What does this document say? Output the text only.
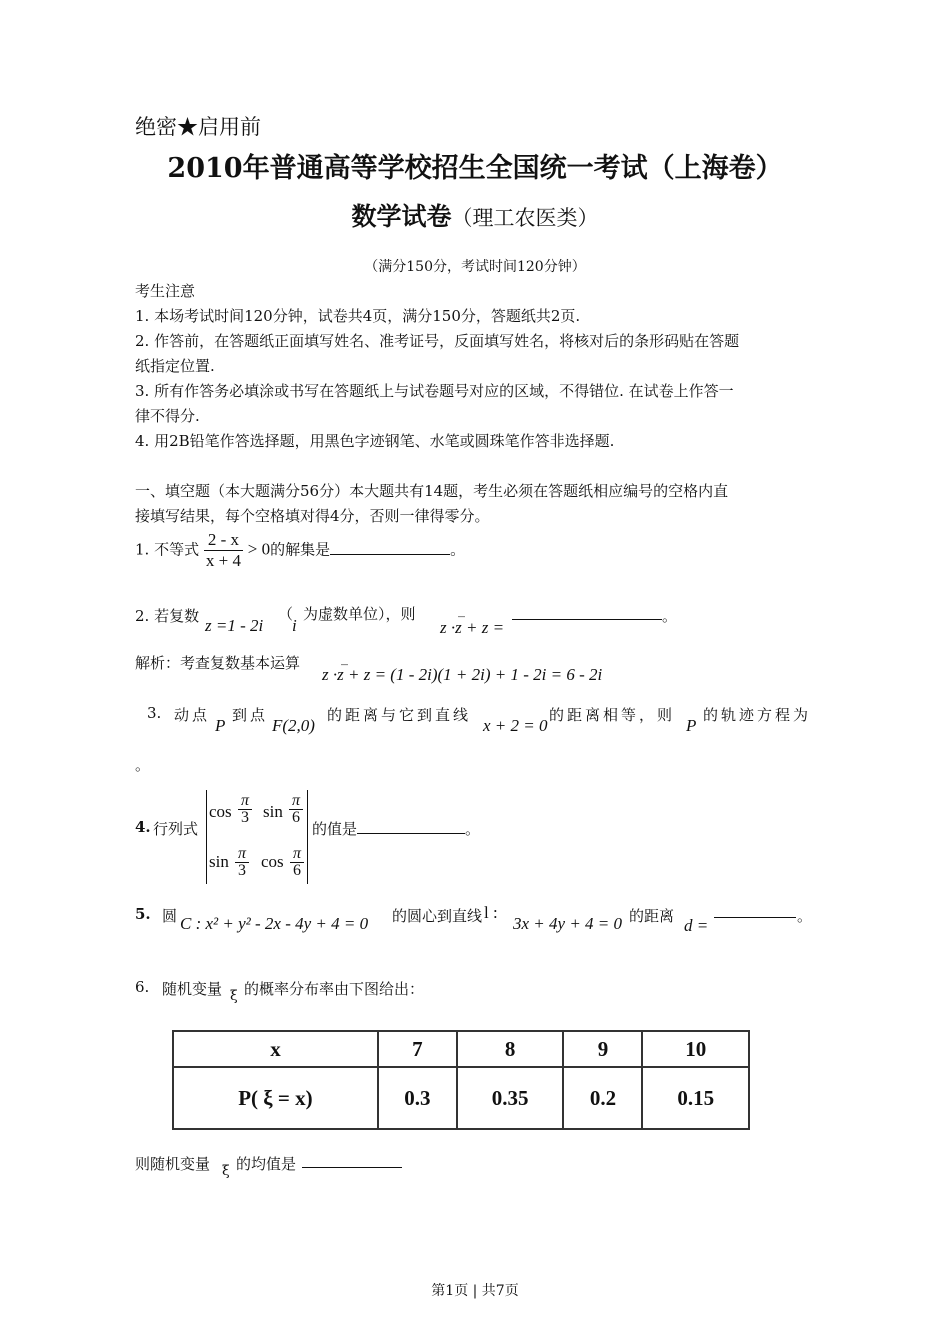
绝密★启用前
2010年普通高等学校招生全国统一考试（上海卷）
数学试卷（理工农医类）
（满分150分，考试时间120分钟）
考生注意
1. 本场考试时间120分钟，试卷共4页，满分150分，答题纸共2页.
2. 作答前，在答题纸正面填写姓名、准考证号，反面填写姓名，将核对后的条形码贴在答题
纸指定位置.
3. 所有作答务必填涂或书写在答题纸上与试卷题号对应的区域，不得错位. 在试卷上作答一
律不得分.
4. 用2B铅笔作答选择题，用黑色字迹钢笔、水笔或圆珠笔作答非选择题.
一、填空题（本大题满分56分）本大题共有14题，考生必须在答题纸相应编号的空格内直
接填写结果，每个空格填对得4分，否则一律得零分。
1. 不等式 $\frac{2 - x}{x + 4} > 0$的解集是	。
2. 若复数 z =1 - 2i
（
i
为虚数单位），则	_
z ·z + z =
。
解析：考查复数基本运算	_
z ·z + z = (1 - 2i)(1 + 2i) + 1 - 2i = 6 - 2i
3. 动点
P
到点
F(2,0)
的距离与它到直线
x + 2 = 0
的距离相等，则
P
的轨迹方程为
。
4. 行列式
cos
π
3 sin
π
6
sin π
3 cos π
6
的值是	。
5. 圆 C : x² + y² - 2x - 4y + 4 = 0 的圆心到直线 l :
3x + 4y + 4 = 0 的距离 d =	。
6. 随机变量 ξ 的概率分布率由下图给出：
x	7	8	9	10
P( ξ = x)	0.3	0.35	0.2	0.15
则随机变量 ξ 的均值是
第1页 | 共7页
